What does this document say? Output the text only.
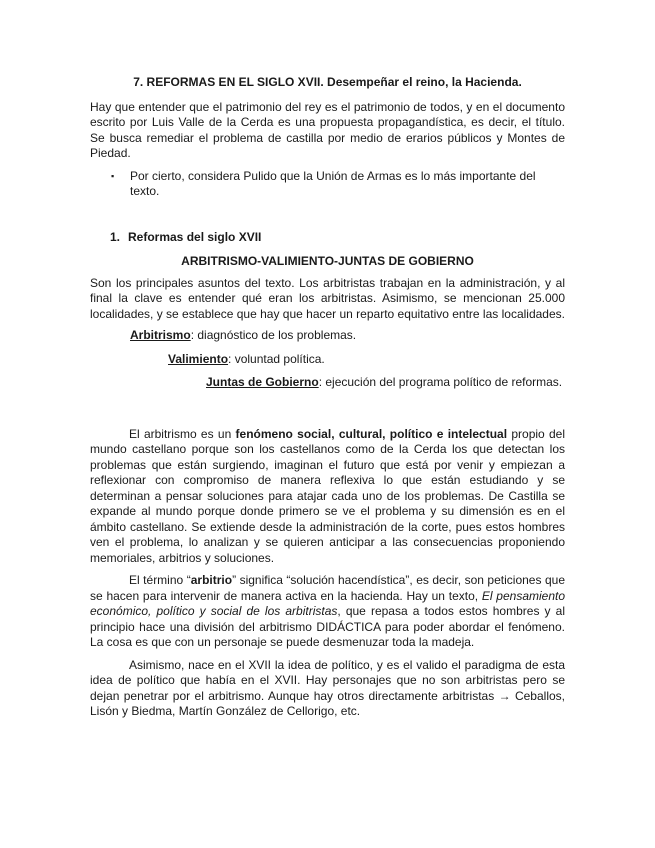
7. REFORMAS EN EL SIGLO XVII. Desempeñar el reino, la Hacienda.

Hay que entender que el patrimonio del rey es el patrimonio de todos, y en el documento escrito por Luis Valle de la Cerda es una propuesta propagandística, es decir, el título. Se busca remediar el problema de castilla por medio de erarios públicos y Montes de Piedad.

▪ Por cierto, considera Pulido que la Unión de Armas es lo más importante del texto.
1. Reformas del siglo XVII

ARBITRISMO-VALIMIENTO-JUNTAS DE GOBIERNO

Son los principales asuntos del texto. Los arbitristas trabajan en la administración, y al final la clave es entender qué eran los arbitristas. Asimismo, se mencionan 25.000 localidades, y se establece que hay que hacer un reparto equitativo entre las localidades.

Arbitrismo: diagnóstico de los problemas.

Valimiento: voluntad política.

Juntas de Gobierno: ejecución del programa político de reformas.

El arbitrismo es un fenómeno social, cultural, político e intelectual propio del mundo castellano porque son los castellanos como de la Cerda los que detectan los problemas que están surgiendo, imaginan el futuro que está por venir y empiezan a reflexionar con compromiso de manera reflexiva lo que están estudiando y se determinan a pensar soluciones para atajar cada uno de los problemas. De Castilla se expande al mundo porque donde primero se ve el problema y su dimensión es en el ámbito castellano. Se extiende desde la administración de la corte, pues estos hombres ven el problema, lo analizan y se quieren anticipar a las consecuencias proponiendo memoriales, arbitrios y soluciones.

El término “arbitrio” significa “solución hacendística”, es decir, son peticiones que se hacen para intervenir de manera activa en la hacienda. Hay un texto, El pensamiento económico, político y social de los arbitristas, que repasa a todos estos hombres y al principio hace una división del arbitrismo DIDÁCTICA para poder abordar el fenómeno. La cosa es que con un personaje se puede desmenuzar toda la madeja.

Asimismo, nace en el XVII la idea de político, y es el valido el paradigma de esta idea de político que había en el XVII. Hay personajes que no son arbitristas pero se dejan penetrar por el arbitrismo. Aunque hay otros directamente arbitristas → Ceballos, Lisón y Biedma, Martín González de Cellorigo, etc.
